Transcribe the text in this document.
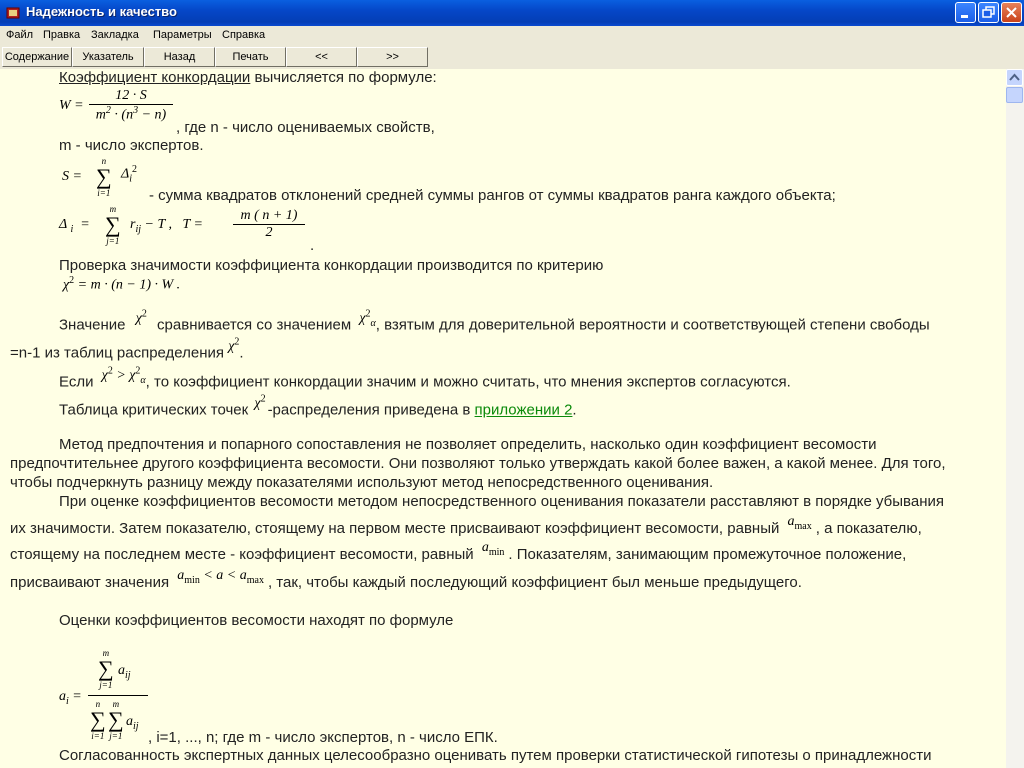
Надежность и качество
Файл Правка Закладка Параметры Справка
Содержание	Указатель	Назад	Печать	<<	>>
Коэффициент конкордации вычисляется по формуле:
$W = \frac{12 \cdot S}{m^2 \cdot (n^3 - n)}$
, где n - число оцениваемых свойств,
m - число экспертов.
S =
n
∑
i=1
$\Delta_i^2$
- сумма квадратов отклонений средней суммы рангов от суммы квадратов ранга каждого объекта;
Δ $_i$  =
m
∑
j=1
$r_{ij} - T$ ,   $T = \frac{m ( n + 1)}{2}$
.
Проверка значимости коэффициента конкордации производится по критерию
$\chi^2 = m \cdot (n - 1) \cdot W$ .
Значение $\chi^2$ сравнивается со значением $\chi^2_\alpha$, взятым для доверительной вероятности и соответствующей степени свободы
=n-1 из таблиц распределения $\chi^2$.
Если $\chi^2 > \chi^2_\alpha$, то коэффициент конкордации значим и можно считать, что мнения экспертов согласуются.
Таблица критических точек $\chi^2$-распределения приведена в приложении 2.
Метод предпочтения и попарного сопоставления не позволяет определить, насколько один коэффициент весомости
предпочтительнее другого коэффициента весомости. Они позволяют только утверждать какой более важен, а какой менее. Для того,
чтобы подчеркнуть разницу между показателями используют метод непосредственного оценивания.
При оценке коэффициентов весомости методом непосредственного оценивания показатели расставляют в порядке убывания
их значимости. Затем показателю, стоящему на первом месте присваивают коэффициент весомости, равный $a_{max}$ , а показателю,
стоящему на последнем месте - коэффициент весомости, равный $a_{min}$ . Показателям, занимающим промежуточное положение,
присваивают значения $a_{min} < a < a_{max}$ , так, чтобы каждый последующий коэффициент был меньше предыдущего.
Оценки коэффициентов весомости находят по формуле
$a_i$ =
m
∑
j=1
$a_{ij}$
n
∑
i=1
m
∑
j=1
$a_{ij}$
, i=1, ..., n; где m - число экспертов, n - число ЕПК.
Согласованность экспертных данных целесообразно оценивать путем проверки статистической гипотезы о принадлежности
